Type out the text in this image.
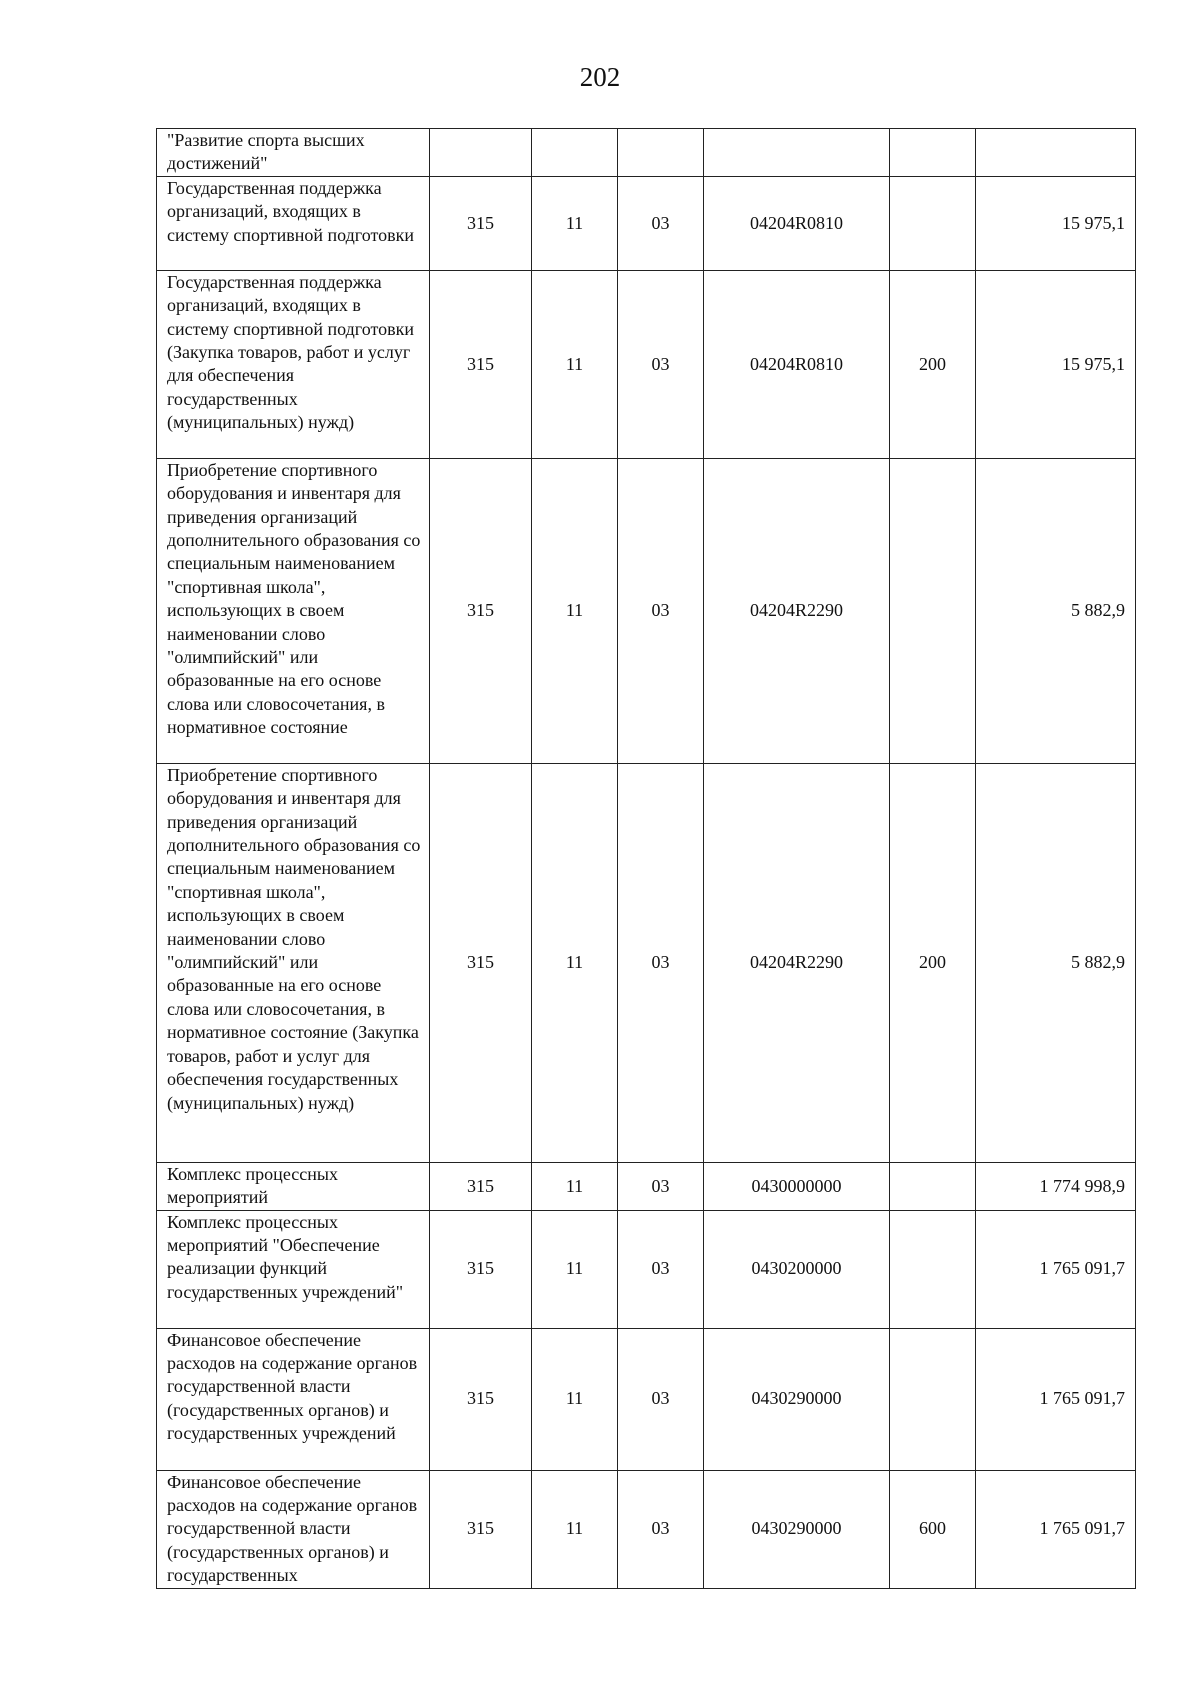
202
"Развитие спорта высших достижений"						
Государственная поддержка организаций, входящих в систему спортивной подготовки	315	11	03	04204R0810		15 975,1
Государственная поддержка организаций, входящих в систему спортивной подготовки (Закупка товаров, работ и услуг для обеспечения государственных (муниципальных) нужд)	315	11	03	04204R0810	200	15 975,1
Приобретение спортивного оборудования и инвентаря для приведения организаций дополнительного образования со специальным наименованием "спортивная школа", использующих в своем наименовании слово "олимпийский" или образованные на его основе слова или словосочетания, в нормативное состояние	315	11	03	04204R2290		5 882,9
Приобретение спортивного оборудования и инвентаря для приведения организаций дополнительного образования со специальным наименованием "спортивная школа", использующих в своем наименовании слово "олимпийский" или образованные на его основе слова или словосочетания, в нормативное состояние (Закупка товаров, работ и услуг для обеспечения государственных (муниципальных) нужд)	315	11	03	04204R2290	200	5 882,9
Комплекс процессных мероприятий	315	11	03	0430000000		1 774 998,9
Комплекс процессных мероприятий "Обеспечение реализации функций государственных учреждений"	315	11	03	0430200000		1 765 091,7
Финансовое обеспечение расходов на содержание органов государственной власти (государственных органов) и государственных учреждений	315	11	03	0430290000		1 765 091,7
Финансовое обеспечение расходов на содержание органов государственной власти (государственных органов) и государственных	315	11	03	0430290000	600	1 765 091,7
